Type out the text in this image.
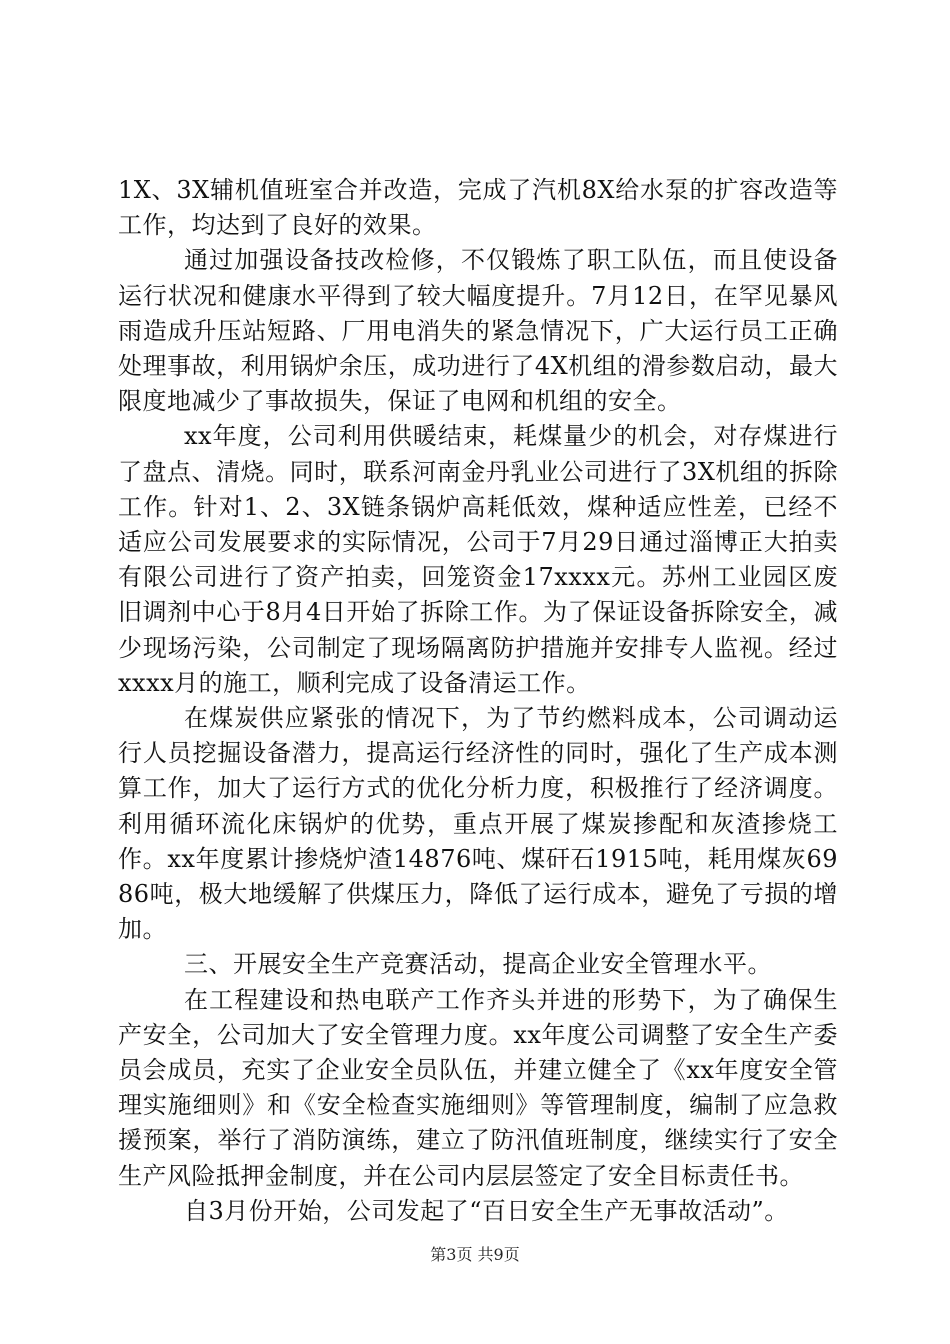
1X、3X辅机值班室合并改造，完成了汽机8X给水泵的扩容改造等工作，均达到了良好的效果。

通过加强设备技改检修，不仅锻炼了职工队伍，而且使设备运行状况和健康水平得到了较大幅度提升。7月12日，在罕见暴风雨造成升压站短路、厂用电消失的紧急情况下，广大运行员工正确处理事故，利用锅炉余压，成功进行了4X机组的滑参数启动，最大限度地减少了事故损失，保证了电网和机组的安全。

xx年度，公司利用供暖结束，耗煤量少的机会，对存煤进行了盘点、清烧。同时，联系河南金丹乳业公司进行了3X机组的拆除工作。针对1、2、3X链条锅炉高耗低效，煤种适应性差，已经不适应公司发展要求的实际情况，公司于7月29日通过淄博正大拍卖有限公司进行了资产拍卖，回笼资金17xxxx元。苏州工业园区废旧调剂中心于8月4日开始了拆除工作。为了保证设备拆除安全，减少现场污染，公司制定了现场隔离防护措施并安排专人监视。经过xxxx月的施工，顺利完成了设备清运工作。

在煤炭供应紧张的情况下，为了节约燃料成本，公司调动运行人员挖掘设备潜力，提高运行经济性的同时，强化了生产成本测算工作，加大了运行方式的优化分析力度，积极推行了经济调度。利用循环流化床锅炉的优势，重点开展了煤炭掺配和灰渣掺烧工作。xx年度累计掺烧炉渣14876吨、煤矸石1915吨，耗用煤灰6986吨，极大地缓解了供煤压力，降低了运行成本，避免了亏损的增加。

三、开展安全生产竞赛活动，提高企业安全管理水平。

在工程建设和热电联产工作齐头并进的形势下，为了确保生产安全，公司加大了安全管理力度。xx年度公司调整了安全生产委员会成员，充实了企业安全员队伍，并建立健全了《xx年度安全管理实施细则》和《安全检查实施细则》等管理制度，编制了应急救援预案，举行了消防演练，建立了防汛值班制度，继续实行了安全生产风险抵押金制度，并在公司内层层签定了安全目标责任书。

自3月份开始，公司发起了“百日安全生产无事故活动”。

第3页 共9页
